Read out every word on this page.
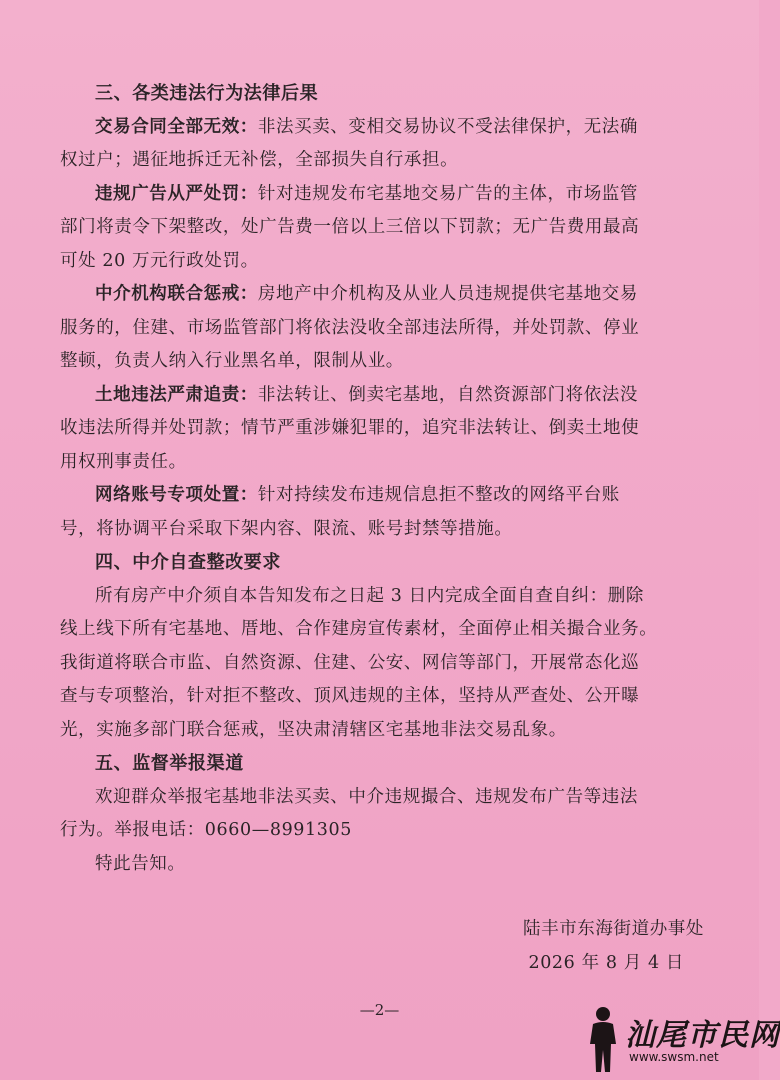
三、各类违法行为法律后果
交易合同全部无效：非法买卖、变相交易协议不受法律保护，无法确
权过户；遇征地拆迁无补偿，全部损失自行承担。
违规广告从严处罚：针对违规发布宅基地交易广告的主体，市场监管
部门将责令下架整改，处广告费一倍以上三倍以下罚款；无广告费用最高
可处 20 万元行政处罚。
中介机构联合惩戒：房地产中介机构及从业人员违规提供宅基地交易
服务的，住建、市场监管部门将依法没收全部违法所得，并处罚款、停业
整顿，负责人纳入行业黑名单，限制从业。
土地违法严肃追责：非法转让、倒卖宅基地，自然资源部门将依法没
收违法所得并处罚款；情节严重涉嫌犯罪的，追究非法转让、倒卖土地使
用权刑事责任。
网络账号专项处置：针对持续发布违规信息拒不整改的网络平台账
号，将协调平台采取下架内容、限流、账号封禁等措施。
四、中介自查整改要求
所有房产中介须自本告知发布之日起 3 日内完成全面自查自纠：删除
线上线下所有宅基地、厝地、合作建房宣传素材，全面停止相关撮合业务。
我街道将联合市监、自然资源、住建、公安、网信等部门，开展常态化巡
查与专项整治，针对拒不整改、顶风违规的主体，坚持从严查处、公开曝
光，实施多部门联合惩戒，坚决肃清辖区宅基地非法交易乱象。
五、监督举报渠道
欢迎群众举报宅基地非法买卖、中介违规撮合、违规发布广告等违法
行为。举报电话：0660—8991305
特此告知。
陆丰市东海街道办事处
2026 年 8 月 4 日
—2—
汕尾市民网
www.swsm.net
